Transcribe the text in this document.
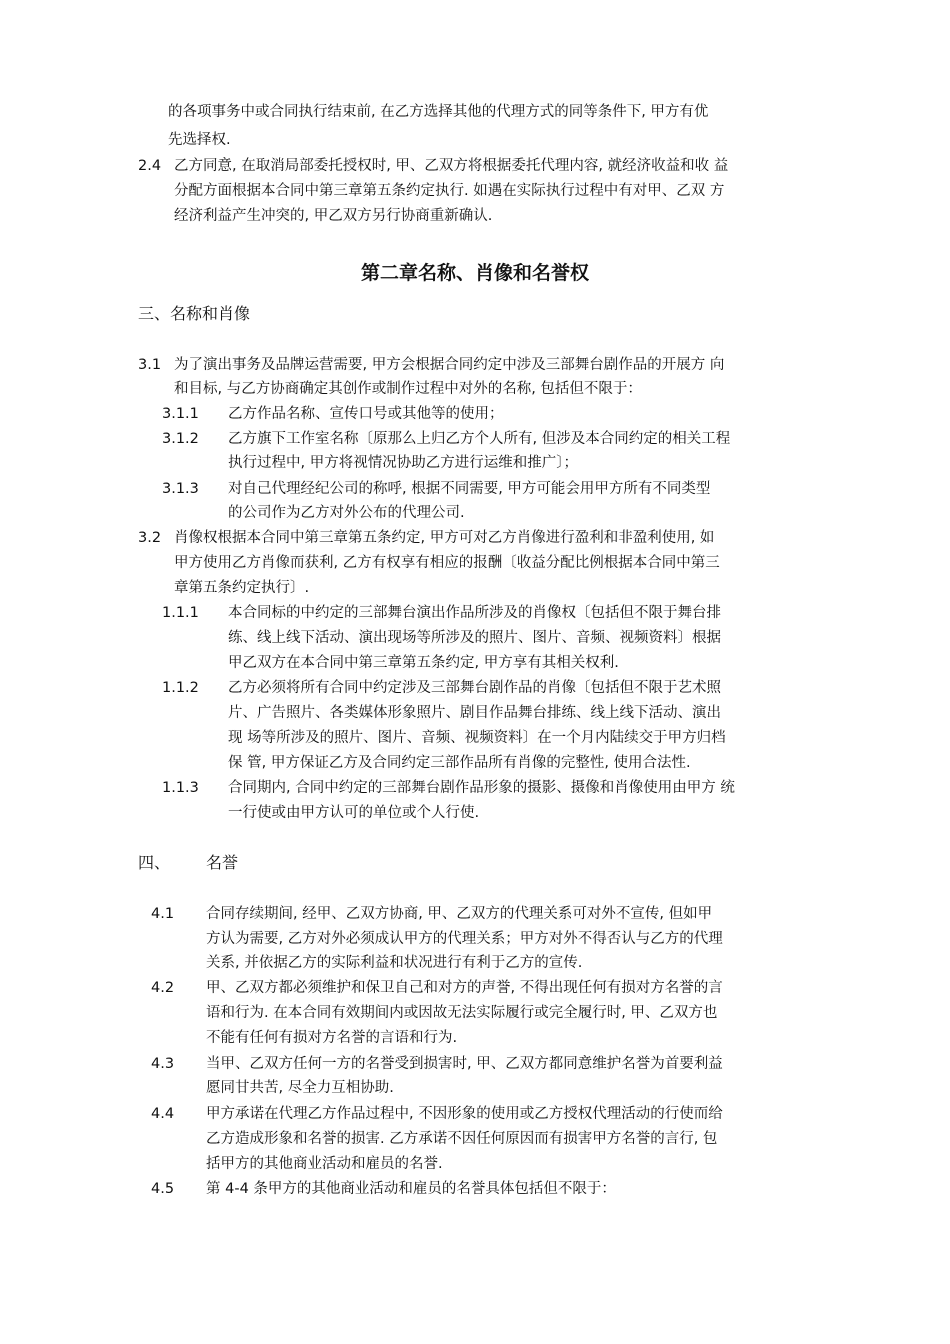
的各项事务中或合同执行结束前, 在乙方选择其他的代理方式的同等条件下, 甲方有优
先选择权.
2.4 乙方同意, 在取消局部委托授权时, 甲、乙双方将根据委托代理内容, 就经济收益和收 益
分配方面根据本合同中第三章第五条约定执行. 如遇在实际执行过程中有对甲、乙双 方
经济利益产生冲突的, 甲乙双方另行协商重新确认.
第二章名称、肖像和名誉权
三、名称和肖像
3.1 为了演出事务及品牌运营需要, 甲方会根据合同约定中涉及三部舞台剧作品的开展方 向
和目标, 与乙方协商确定其创作或制作过程中对外的名称, 包括但不限于：
3.1.1 乙方作品名称、宣传口号或其他等的使用；
3.1.2 乙方旗下工作室名称〔原那么上归乙方个人所有, 但涉及本合同约定的相关工程
执行过程中, 甲方将视情况协助乙方进行运维和推广〕；
3.1.3 对自己代理经纪公司的称呼, 根据不同需要, 甲方可能会用甲方所有不同类型
的公司作为乙方对外公布的代理公司.
3.2 肖像权根据本合同中第三章第五条约定, 甲方可对乙方肖像进行盈利和非盈利使用, 如
甲方使用乙方肖像而获利, 乙方有权享有相应的报酬〔收益分配比例根据本合同中第三
章第五条约定执行〕.
1.1.1 本合同标的中约定的三部舞台演出作品所涉及的肖像权〔包括但不限于舞台排
练、线上线下活动、演出现场等所涉及的照片、图片、音频、视频资料〕根据
甲乙双方在本合同中第三章第五条约定, 甲方享有其相关权利.
1.1.2 乙方必须将所有合同中约定涉及三部舞台剧作品的肖像〔包括但不限于艺术照
片、广告照片、各类媒体形象照片、剧目作品舞台排练、线上线下活动、演出
现 场等所涉及的照片、图片、音频、视频资料〕在一个月内陆续交于甲方归档
保 管, 甲方保证乙方及合同约定三部作品所有肖像的完整性, 使用合法性.
1.1.3 合同期内, 合同中约定的三部舞台剧作品形象的摄影、摄像和肖像使用由甲方 统
一行使或由甲方认可的单位或个人行使.
四、 名誉
4.1 合同存续期间, 经甲、乙双方协商, 甲、乙双方的代理关系可对外不宣传, 但如甲
方认为需要, 乙方对外必须成认甲方的代理关系；甲方对外不得否认与乙方的代理
关系, 并依据乙方的实际利益和状况进行有利于乙方的宣传.
4.2 甲、乙双方都必须维护和保卫自己和对方的声誉, 不得出现任何有损对方名誉的言
语和行为. 在本合同有效期间内或因故无法实际履行或完全履行时, 甲、乙双方也
不能有任何有损对方名誉的言语和行为.
4.3 当甲、乙双方任何一方的名誉受到损害时, 甲、乙双方都同意维护名誉为首要利益
愿同甘共苦, 尽全力互相协助.
4.4 甲方承诺在代理乙方作品过程中, 不因形象的使用或乙方授权代理活动的行使而给
乙方造成形象和名誉的损害. 乙方承诺不因任何原因而有损害甲方名誉的言行, 包
括甲方的其他商业活动和雇员的名誉.
4.5 第 4-4 条甲方的其他商业活动和雇员的名誉具体包括但不限于：
